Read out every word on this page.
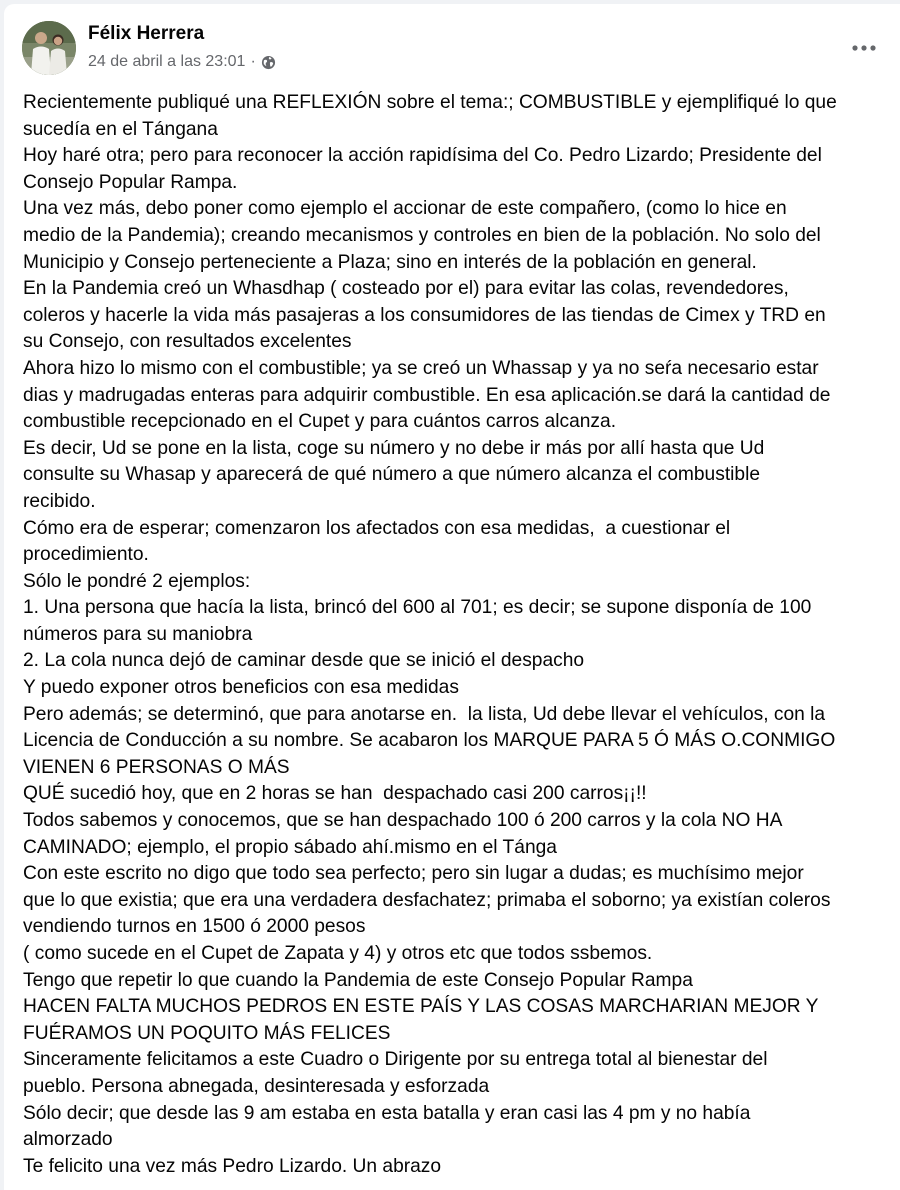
Félix Herrera
24 de abril a las 23:01 ·
Recientemente publiqué una REFLEXIÓN sobre el tema:; COMBUSTIBLE y ejemplifiqué lo que
sucedía en el Tángana
Hoy haré otra; pero para reconocer la acción rapidísima del Co. Pedro Lizardo; Presidente del
Consejo Popular Rampa.
Una vez más, debo poner como ejemplo el accionar de este compañero, (como lo hice en
medio de la Pandemia); creando mecanismos y controles en bien de la población. No solo del
Municipio y Consejo perteneciente a Plaza; sino en interés de la población en general.
En la Pandemia creó un Whasdhap ( costeado por el) para evitar las colas, revendedores,
coleros y hacerle la vida más pasajeras a los consumidores de las tiendas de Cimex y TRD en
su Consejo, con resultados excelentes
Ahora hizo lo mismo con el combustible; ya se creó un Whassap y ya no seŕa necesario estar
dias y madrugadas enteras para adquirir combustible. En esa aplicación.se dará la cantidad de
combustible recepcionado en el Cupet y para cuántos carros alcanza.
Es decir, Ud se pone en la lista, coge su número y no debe ir más por allí hasta que Ud
consulte su Whasap y aparecerá de qué número a que número alcanza el combustible
recibido.
Cómo era de esperar; comenzaron los afectados con esa medidas,  a cuestionar el
procedimiento.
Sólo le pondré 2 ejemplos:
1. Una persona que hacía la lista, brincó del 600 al 701; es decir; se supone disponía de 100
números para su maniobra
2. La cola nunca dejó de caminar desde que se inició el despacho
Y puedo exponer otros beneficios con esa medidas
Pero además; se determinó, que para anotarse en.  la lista, Ud debe llevar el vehículos, con la
Licencia de Conducción a su nombre. Se acabaron los MARQUE PARA 5 Ó MÁS O.CONMIGO
VIENEN 6 PERSONAS O MÁS
QUÉ sucedió hoy, que en 2 horas se han  despachado casi 200 carros¡¡!!
Todos sabemos y conocemos, que se han despachado 100 ó 200 carros y la cola NO HA
CAMINADO; ejemplo, el propio sábado ahí.mismo en el Tánga
Con este escrito no digo que todo sea perfecto; pero sin lugar a dudas; es muchísimo mejor
que lo que existia; que era una verdadera desfachatez; primaba el soborno; ya existían coleros
vendiendo turnos en 1500 ó 2000 pesos
( como sucede en el Cupet de Zapata y 4) y otros etc que todos ssbemos.
Tengo que repetir lo que cuando la Pandemia de este Consejo Popular Rampa
HACEN FALTA MUCHOS PEDROS EN ESTE PAÍS Y LAS COSAS MARCHARIAN MEJOR Y
FUÉRAMOS UN POQUITO MÁS FELICES
Sinceramente felicitamos a este Cuadro o Dirigente por su entrega total al bienestar del
pueblo. Persona abnegada, desinteresada y esforzada
Sólo decir; que desde las 9 am estaba en esta batalla y eran casi las 4 pm y no había
almorzado
Te felicito una vez más Pedro Lizardo. Un abrazo
